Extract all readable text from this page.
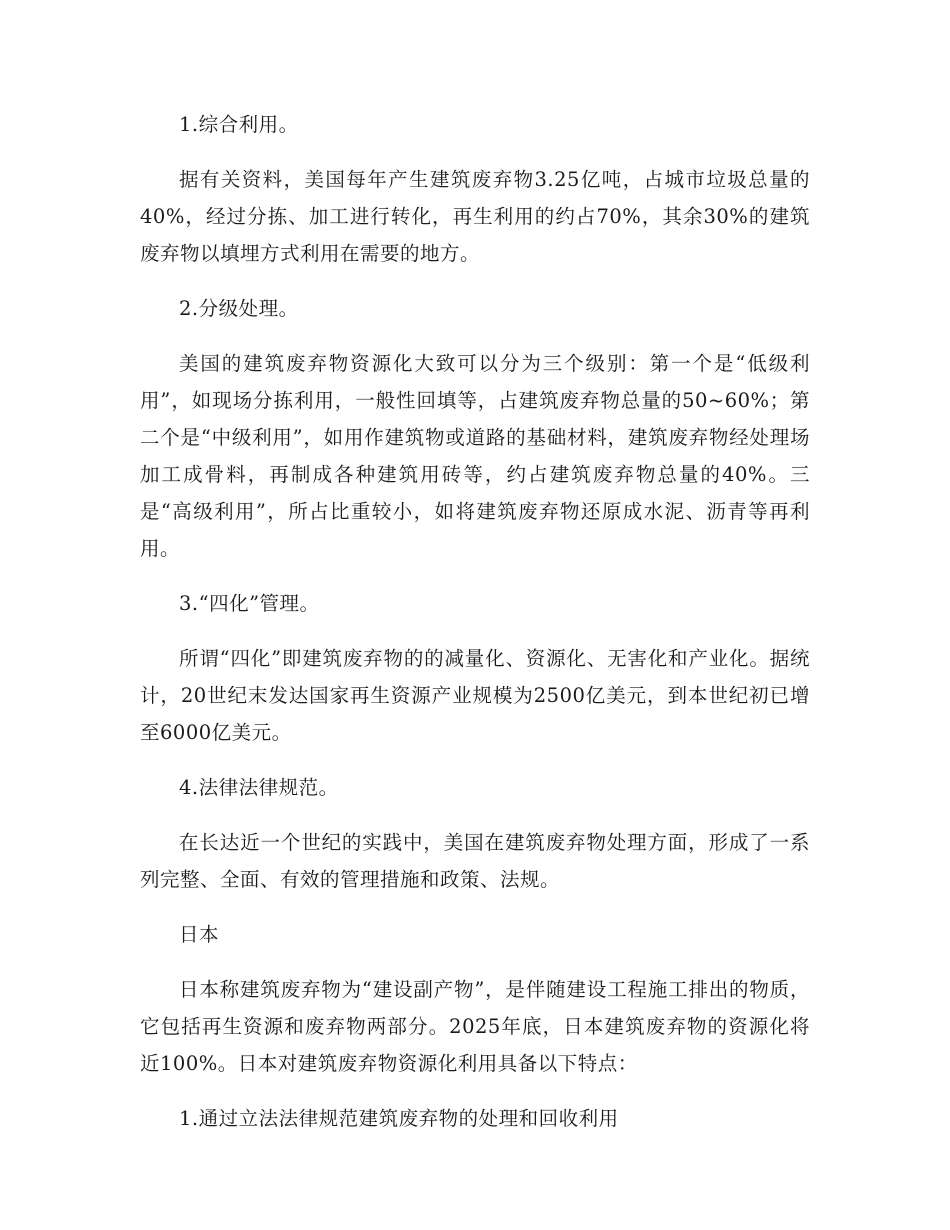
1.综合利用。

据有关资料，美国每年产生建筑废弃物3.25亿吨，占城市垃圾总量的40%，经过分拣、加工进行转化，再生利用的约占70%，其余30%的建筑废弃物以填埋方式利用在需要的地方。

2.分级处理。

美国的建筑废弃物资源化大致可以分为三个级别：第一个是“低级利用”，如现场分拣利用，一般性回填等，占建筑废弃物总量的50~60%；第二个是“中级利用”，如用作建筑物或道路的基础材料，建筑废弃物经处理场加工成骨料，再制成各种建筑用砖等，约占建筑废弃物总量的40%。三是“高级利用”，所占比重较小，如将建筑废弃物还原成水泥、沥青等再利用。

3.“四化”管理。

所谓“四化”即建筑废弃物的的减量化、资源化、无害化和产业化。据统计，20世纪末发达国家再生资源产业规模为2500亿美元，到本世纪初已增至6000亿美元。

4.法律法律规范。

在长达近一个世纪的实践中，美国在建筑废弃物处理方面，形成了一系列完整、全面、有效的管理措施和政策、法规。

日本

日本称建筑废弃物为“建设副产物”，是伴随建设工程施工排出的物质，它包括再生资源和废弃物两部分。2025年底，日本建筑废弃物的资源化将近100%。日本对建筑废弃物资源化利用具备以下特点：

1.通过立法法律规范建筑废弃物的处理和回收利用
